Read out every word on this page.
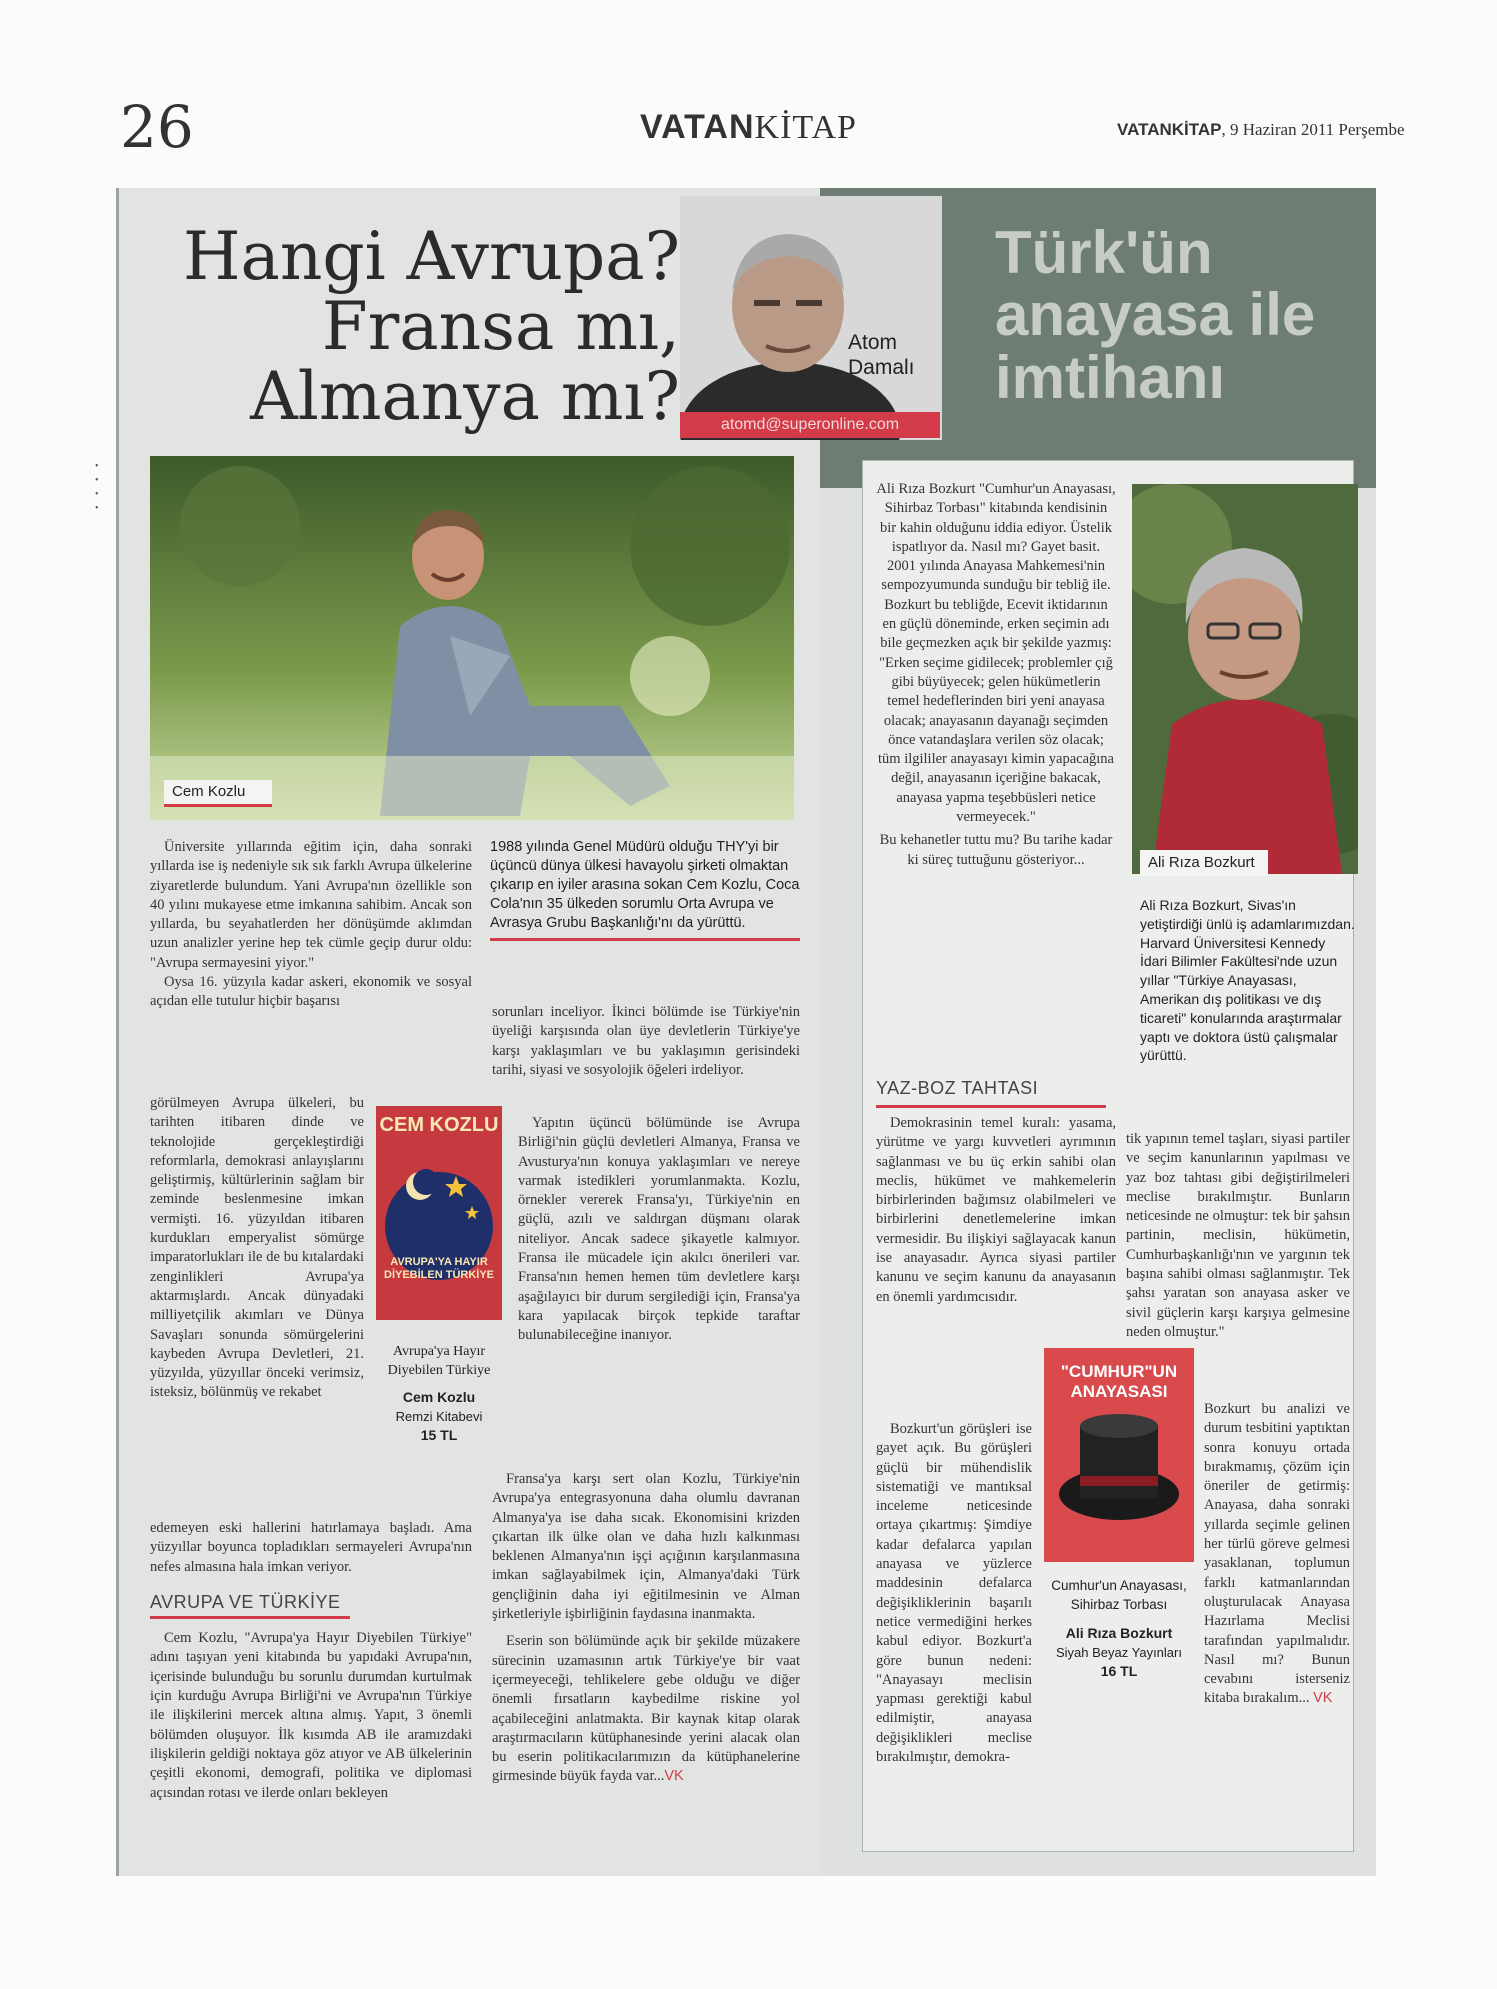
26	VATANKİTAP	VATANKİTAP, 9 Haziran 2011 Perşembe
•
•
•
•
Hangi Avrupa?
Fransa mı,
Almanya mı?
Atom
Damalı
atomd@superonline.com
Türk'ün
anayasa ile
imtihanı
Cem Kozlu

Üniversite yıllarında eğitim için, daha sonraki yıllarda ise iş nedeniyle sık sık farklı Avrupa ülkelerine ziyaretlerde bulundum. Yani Avrupa'nın özellikle son 40 yılını mukayese etme imkanına sahibim. Ancak son yıllarda, bu seyahatlerden her dönüşümde aklımdan uzun analizler yerine hep tek cümle geçip durur oldu: "Avrupa sermayesini yiyor."

Oysa 16. yüzyıla kadar askeri, ekonomik ve sosyal açıdan elle tutulur hiçbir başarısı

görülmeyen Avrupa ülkeleri, bu tarihten itibaren dinde ve teknolojide gerçekleştirdiği reformlarla, demokrasi anlayışlarını geliştirmiş, kültürlerinin sağlam bir zeminde beslenmesine imkan vermişti. 16. yüzyıldan itibaren kurdukları emperyalist sömürge imparatorlukları ile de bu kıtalardaki zenginlikleri Avrupa'ya aktarmışlardı. Ancak dünyadaki milliyetçilik akımları ve Dünya Savaşları sonunda sömürgelerini kaybeden Avrupa Devletleri, 21. yüzyılda, yüzyıllar önceki verimsiz, isteksiz, bölünmüş ve rekabet

edemeyen eski hallerini hatırlamaya başladı. Ama yüzyıllar boyunca topladıkları sermayeleri Avrupa'nın nefes almasına hala imkan veriyor.

AVRUPA VE TÜRKİYE

Cem Kozlu, "Avrupa'ya Hayır Diyebilen Türkiye" adını taşıyan yeni kitabında bu yapıdaki Avrupa'nın, içerisinde bulunduğu bu sorunlu durumdan kurtulmak için kurduğu Avrupa Birliği'ni ve Avrupa'nın Türkiye ile ilişkilerini mercek altına almış. Yapıt, 3 önemli bölümden oluşuyor. İlk kısımda AB ile aramızdaki ilişkilerin geldiği noktaya göz atıyor ve AB ülkelerinin çeşitli ekonomi, demografi, politika ve diplomasi açısından rotası ve ilerde onları bekleyen

CEM KOZLU
AVRUPA'YA HAYIR DİYEBİLEN TÜRKİYE
Avrupa'ya Hayır
Diyebilen Türkiye
Cem Kozlu
Remzi Kitabevi
15 TL
1988 yılında Genel Müdürü olduğu THY'yi bir üçüncü dünya ülkesi havayolu şirketi olmaktan çıkarıp en iyiler arasına sokan Cem Kozlu, Coca Cola'nın 35 ülkeden sorumlu Orta Avrupa ve Avrasya Grubu Başkanlığı'nı da yürüttü.

sorunları inceliyor. İkinci bölümde ise Türkiye'nin üyeliği karşısında olan üye devletlerin Türkiye'ye karşı yaklaşımları ve bu yaklaşımın gerisindeki tarihi, siyasi ve sosyolojik öğeleri irdeliyor.

Yapıtın üçüncü bölümünde ise Avrupa Birliği'nin güçlü devletleri Almanya, Fransa ve Avusturya'nın konuya yaklaşımları ve nereye varmak istedikleri yorumlanmakta. Kozlu, örnekler vererek Fransa'yı, Türkiye'nin en güçlü, azılı ve saldırgan düşmanı olarak niteliyor. Ancak sadece şikayetle kalmıyor. Fransa ile mücadele için akılcı önerileri var. Fransa'nın hemen hemen tüm devletlere karşı aşağılayıcı bir durum sergilediği için, Fransa'ya kara yapılacak birçok tepkide taraftar bulunabileceğine inanıyor.

Fransa'ya karşı sert olan Kozlu, Türkiye'nin Avrupa'ya entegrasyonuna daha olumlu davranan Almanya'ya ise daha sıcak. Ekonomisini krizden çıkartan ilk ülke olan ve daha hızlı kalkınması beklenen Almanya'nın işçi açığının karşılanmasına imkan sağlayabilmek için, Almanya'daki Türk gençliğinin daha iyi eğitilmesinin ve Alman şirketleriyle işbirliğinin faydasına inanmakta.

Eserin son bölümünde açık bir şekilde müzakere sürecinin uzamasının artık Türkiye'ye bir vaat içermeyeceği, tehlikelere gebe olduğu ve diğer önemli fırsatların kaybedilme riskine yol açabileceğini anlatmakta. Bir kaynak kitap olarak araştırmacıların kütüphanesinde yerini alacak olan bu eserin politikacılarımızın da kütüphanelerine girmesinde büyük fayda var...VK

Ali Rıza Bozkurt "Cumhur'un Anayasası, Sihirbaz Torbası" kitabında kendisinin bir kahin olduğunu iddia ediyor. Üstelik ispatlıyor da. Nasıl mı? Gayet basit. 2001 yılında Anayasa Mahkemesi'nin sempozyumunda sunduğu bir tebliğ ile. Bozkurt bu tebliğde, Ecevit iktidarının en güçlü döneminde, erken seçimin adı bile geçmezken açık bir şekilde yazmış: "Erken seçime gidilecek; problemler çığ gibi büyüyecek; gelen hükümetlerin temel hedeflerinden biri yeni anayasa olacak; anayasanın dayanağı seçimden önce vatandaşlara verilen söz olacak; tüm ilgililer anayasayı kimin yapacağına değil, anayasanın içeriğine bakacak, anayasa yapma teşebbüsleri netice vermeyecek."

Bu kehanetler tuttu mu? Bu tarihe kadar ki süreç tuttuğunu gösteriyor...	Ali Rıza Bozkurt
Ali Rıza Bozkurt, Sivas'ın yetiştirdiği ünlü iş adamlarımızdan. Harvard Üniversitesi Kennedy İdari Bilimler Fakültesi'nde uzun yıllar "Türkiye Anayasası, Amerikan dış politikası ve dış ticareti" konularında araştırmalar yaptı ve doktora üstü çalışmalar yürüttü.
YAZ-BOZ TAHTASI

Demokrasinin temel kuralı: yasama, yürütme ve yargı kuvvetleri ayrımının sağlanması ve bu üç erkin sahibi olan meclis, hükümet ve mahkemelerin birbirlerinden bağımsız olabilmeleri ve birbirlerini denetlemelerine imkan vermesidir. Bu ilişkiyi sağlayacak kanun ise anayasadır. Ayrıca siyasi partiler kanunu ve seçim kanunu da anayasanın en önemli yardımcısıdır.

Bozkurt'un görüşleri ise gayet açık. Bu görüşleri güçlü bir mühendislik sistematiği ve mantıksal inceleme neticesinde ortaya çıkartmış: Şimdiye kadar defalarca yapılan anayasa ve yüzlerce maddesinin defalarca değişikliklerinin başarılı netice vermediğini herkes kabul ediyor. Bozkurt'a göre bunun nedeni: "Anayasayı meclisin yapması gerektiği kabul edilmiştir, anayasa değişiklikleri meclise bırakılmıştır, demokra-

tik yapının temel taşları, siyasi partiler ve seçim kanunlarının yapılması ve yaz boz tahtası gibi değiştirilmeleri meclise bırakılmıştır. Bunların neticesinde ne olmuştur: tek bir şahsın partinin, meclisin, hükümetin, Cumhurbaşkanlığı'nın ve yargının tek başına sahibi olması sağlanmıştır. Tek şahsı yaratan son anayasa asker ve sivil güçlerin karşı karşıya gelmesine neden olmuştur."

Bozkurt bu analizi ve durum tesbitini yaptıktan sonra konuyu ortada bırakmamış, çözüm için öneriler de getirmiş: Anayasa, daha sonraki yıllarda seçimle gelinen her türlü göreve gelmesi yasaklanan, toplumun farklı katmanlarından oluşturulacak Anayasa Hazırlama Meclisi tarafından yapılmalıdır. Nasıl mı? Bunun cevabını isterseniz kitaba bırakalım... VK

"CUMHUR"UN
ANAYASASI
Cumhur'un Anayasası,
Sihirbaz Torbası
Ali Rıza Bozkurt
Siyah Beyaz Yayınları
16 TL
